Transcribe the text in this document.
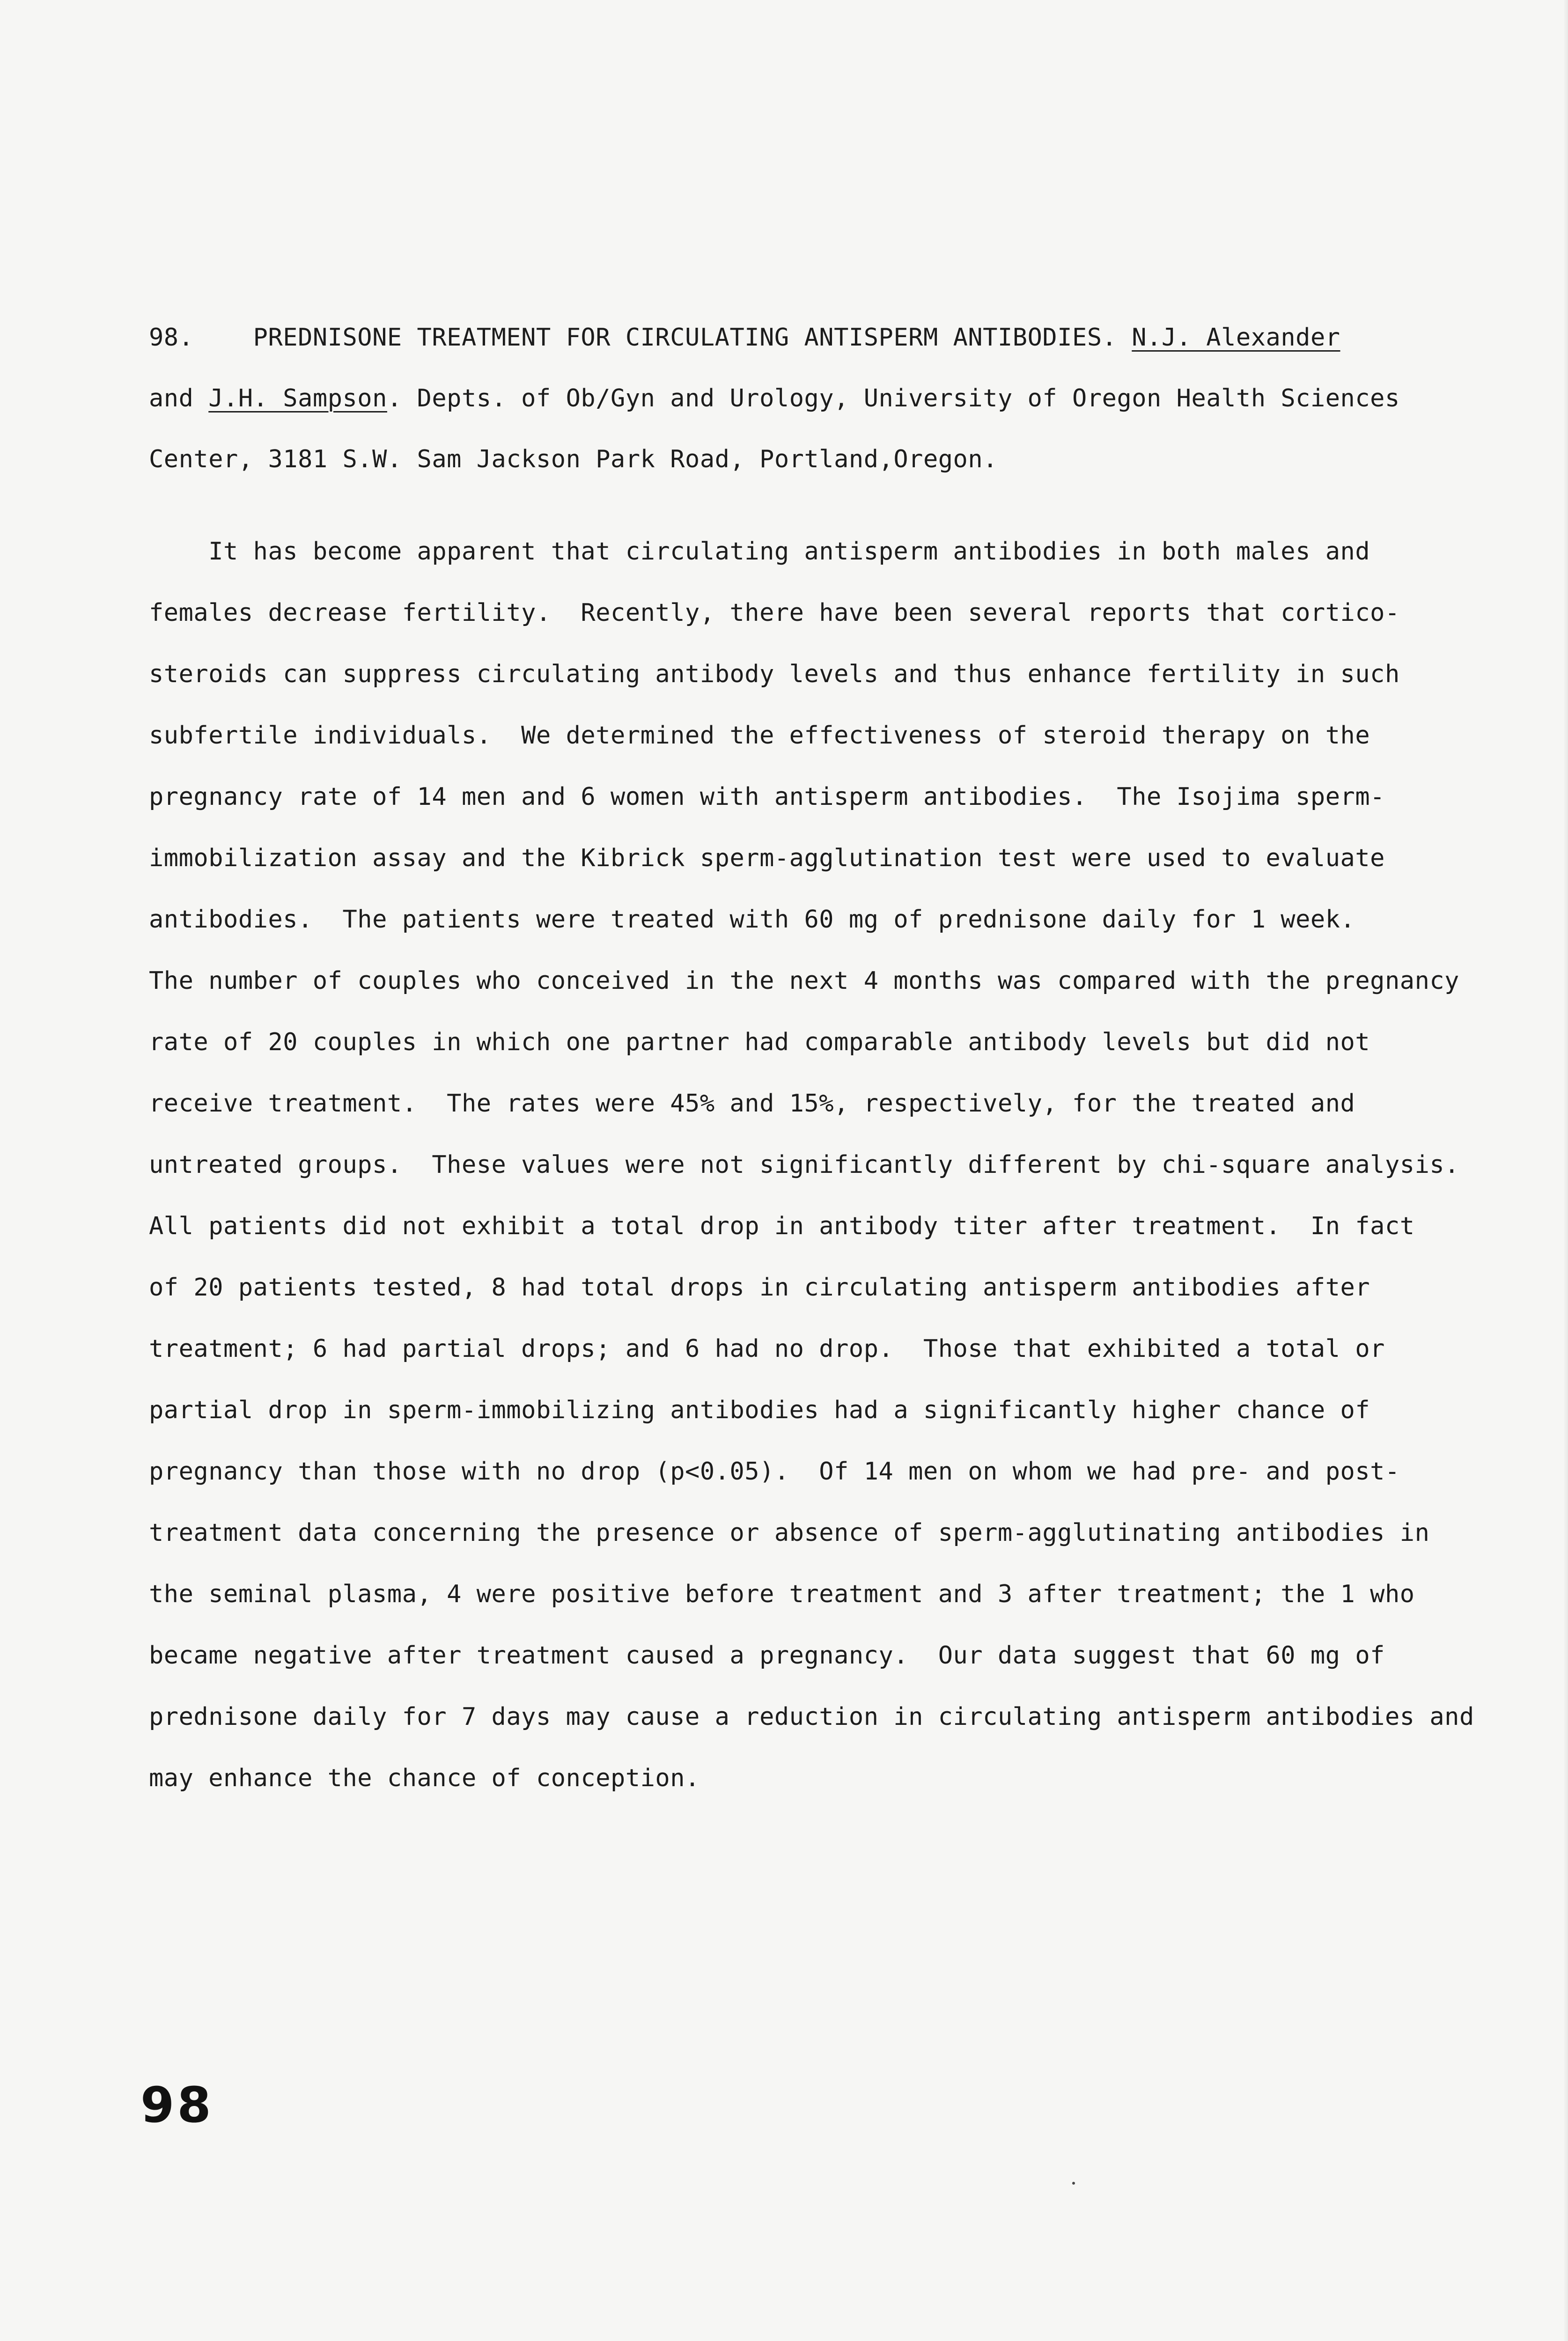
98. PREDNISONE TREATMENT FOR CIRCULATING ANTISPERM ANTIBODIES. N.J. Alexander
and J.H. Sampson. Depts. of Ob/Gyn and Urology, University of Oregon Health Sciences
Center, 3181 S.W. Sam Jackson Park Road, Portland,Oregon.
It has become apparent that circulating antisperm antibodies in both males and
females decrease fertility.  Recently, there have been several reports that cortico-
steroids can suppress circulating antibody levels and thus enhance fertility in such
subfertile individuals.  We determined the effectiveness of steroid therapy on the
pregnancy rate of 14 men and 6 women with antisperm antibodies.  The Isojima sperm-
immobilization assay and the Kibrick sperm-agglutination test were used to evaluate
antibodies.  The patients were treated with 60 mg of prednisone daily for 1 week.
The number of couples who conceived in the next 4 months was compared with the pregnancy
rate of 20 couples in which one partner had comparable antibody levels but did not
receive treatment.  The rates were 45% and 15%, respectively, for the treated and
untreated groups.  These values were not significantly different by chi-square analysis.
All patients did not exhibit a total drop in antibody titer after treatment.  In fact
of 20 patients tested, 8 had total drops in circulating antisperm antibodies after
treatment; 6 had partial drops; and 6 had no drop.  Those that exhibited a total or
partial drop in sperm-immobilizing antibodies had a significantly higher chance of
pregnancy than those with no drop (p<0.05).  Of 14 men on whom we had pre- and post-
treatment data concerning the presence or absence of sperm-agglutinating antibodies in
the seminal plasma, 4 were positive before treatment and 3 after treatment; the 1 who
became negative after treatment caused a pregnancy.  Our data suggest that 60 mg of
prednisone daily for 7 days may cause a reduction in circulating antisperm antibodies and
may enhance the chance of conception.
98
